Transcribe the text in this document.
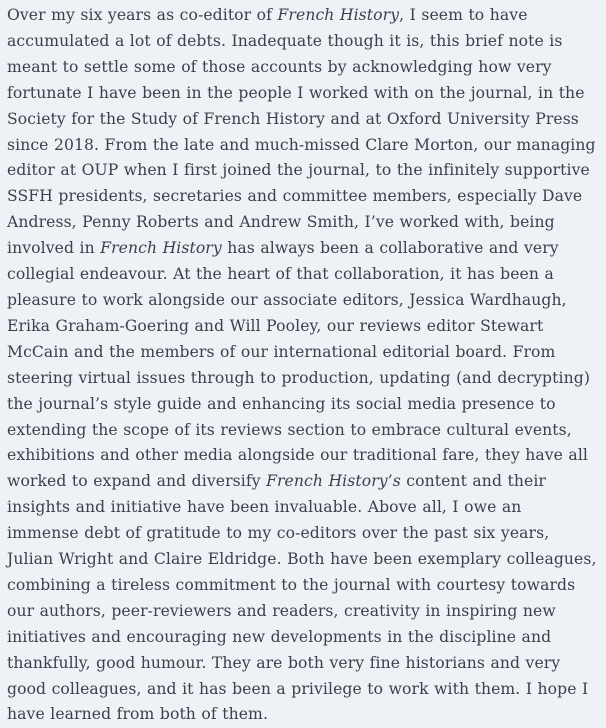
Over my six years as co-editor of French History, I seem to have accumulated a lot of debts. Inadequate though it is, this brief note is meant to settle some of those accounts by acknowledging how very fortunate I have been in the people I worked with on the journal, in the Society for the Study of French History and at Oxford University Press since 2018. From the late and much-missed Clare Morton, our managing editor at OUP when I first joined the journal, to the infinitely supportive SSFH presidents, secretaries and committee members, especially Dave Andress, Penny Roberts and Andrew Smith, I’ve worked with, being involved in French History has always been a collaborative and very collegial endeavour. At the heart of that collaboration, it has been a pleasure to work alongside our associate editors, Jessica Wardhaugh, Erika Graham-Goering and Will Pooley, our reviews editor Stewart McCain and the members of our international editorial board. From steering virtual issues through to production, updating (and decrypting) the journal’s style guide and enhancing its social media presence to extending the scope of its reviews section to embrace cultural events, exhibitions and other media alongside our traditional fare, they have all worked to expand and diversify French History’s content and their insights and initiative have been invaluable. Above all, I owe an immense debt of gratitude to my co-editors over the past six years, Julian Wright and Claire Eldridge. Both have been exemplary colleagues, combining a tireless commitment to the journal with courtesy towards our authors, peer-reviewers and readers, creativity in inspiring new initiatives and encouraging new developments in the discipline and thankfully, good humour. They are both very fine historians and very good colleagues, and it has been a privilege to work with them. I hope I have learned from both of them.
